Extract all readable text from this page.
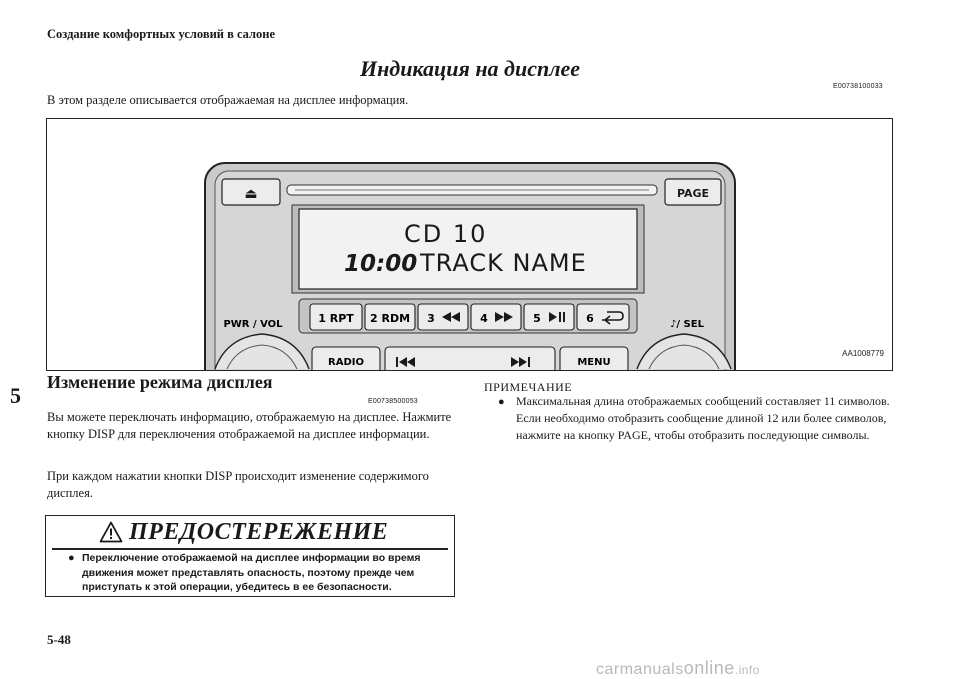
Создание комфортных условий в салоне
Индикация на дисплее
E00738100033
В этом разделе описывается отображаемая на дисплее информация.
⏏	PAGE
CD 10
10:00 TRACK NAME
1 RPT 2 RDM 3	4	5	6
PWR / VOL	♪/ SEL
RADIO	MENU
AA1008779
5
Изменение режима дисплея
E00738500053
Вы можете переключать информацию, отображаемую на дисплее. Нажмите кнопку DISP для переключения отображаемой на дисплее информации.
При каждом нажатии кнопки DISP происходит изменение содержимого дисплея.
ПРЕДОСТЕРЕЖЕНИЕ
● Переключение отображаемой на дисплее информации во время движения может представлять опасность, поэтому прежде чем приступать к этой операции, убедитесь в ее безопасности.
ПРИМЕЧАНИЕ
● Максимальная длина отображаемых сообщений составляет 11 символов. Если необходимо отобразить сообщение длиной 12 или более символов, нажмите на кнопку PAGE, чтобы отобразить последующие символы.
5-48
carmanualsonline.info
